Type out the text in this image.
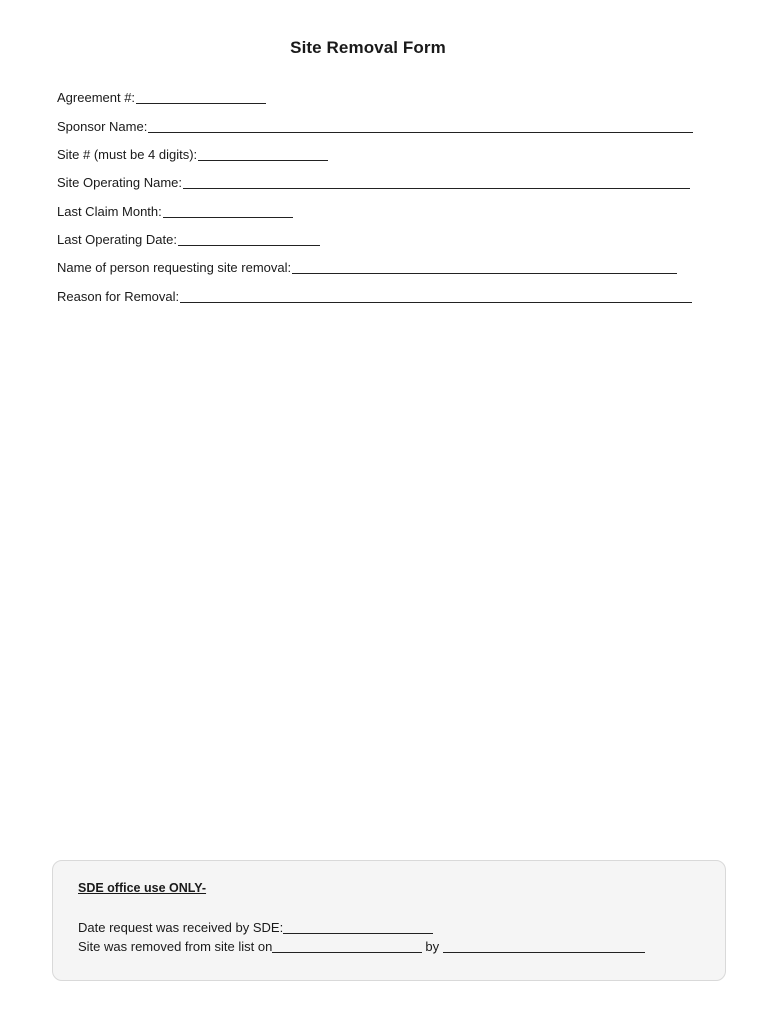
Site Removal Form
Agreement #:
Sponsor Name:
Site # (must be 4 digits):
Site Operating Name:
Last Claim Month:
Last Operating Date:
Name of person requesting site removal:
Reason for Removal:
SDE office use ONLY-
Date request was received by SDE:
Site was removed from site list on	by
